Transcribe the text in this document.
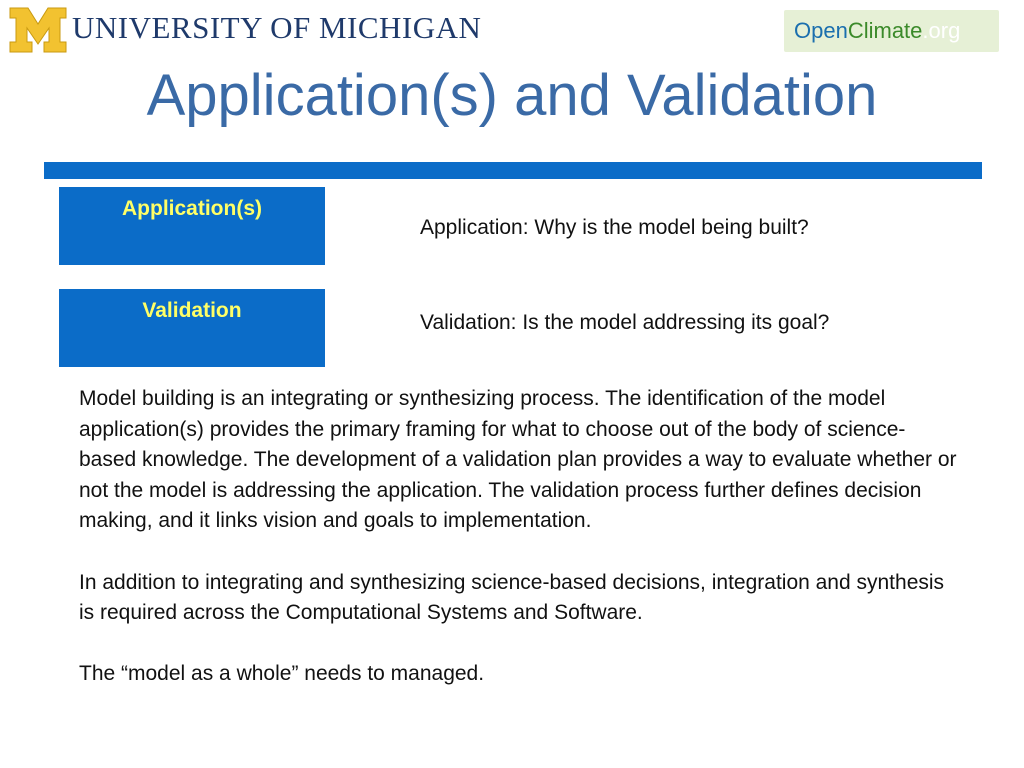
UNIVERSITY OF MICHIGAN	OpenClimate.org
Application(s) and Validation
Application(s)
Application: Why is the model being built?
Validation
Validation: Is the model addressing its goal?

Model building is an integrating or synthesizing process. The identification of the model application(s) provides the primary framing for what to choose out of the body of science-based knowledge. The development of a validation plan provides a way to evaluate whether or not the model is addressing the application. The validation process further defines decision making, and it links vision and goals to implementation.

In addition to integrating and synthesizing science-based decisions, integration and synthesis is required across the Computational Systems and Software.

The “model as a whole” needs to managed.
